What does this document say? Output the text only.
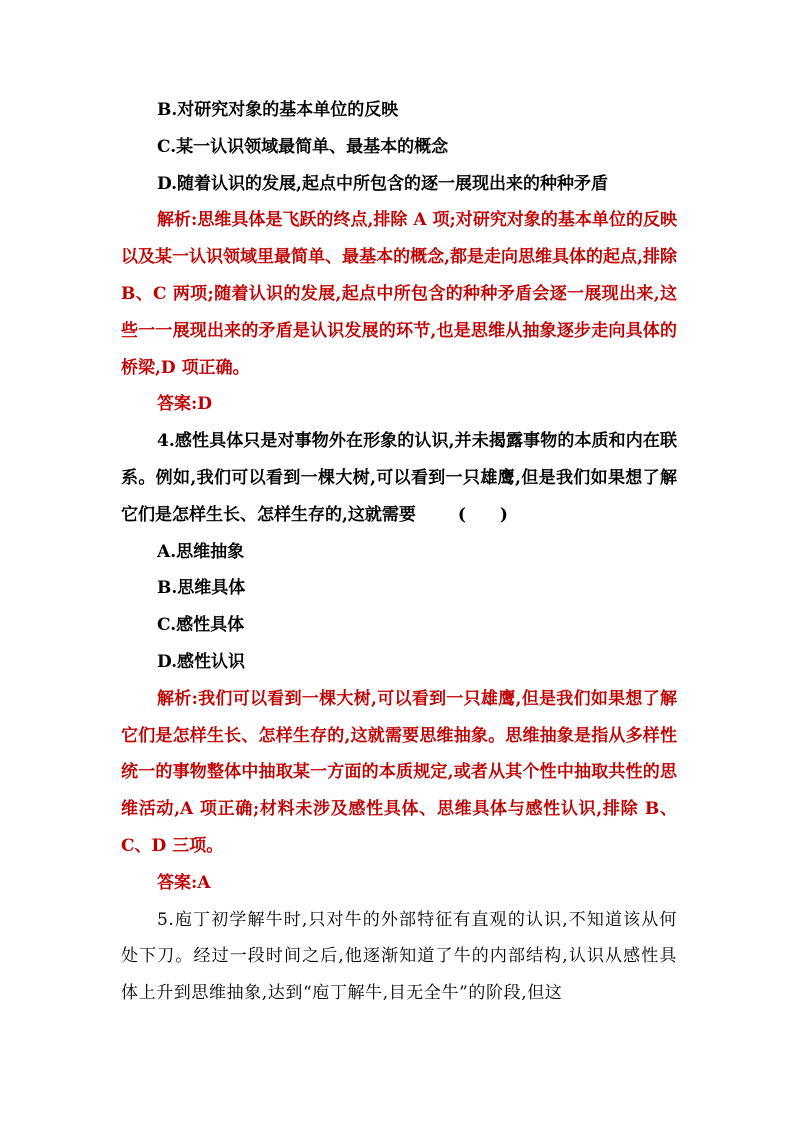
B.对研究对象的基本单位的反映

C.某一认识领域最简单、最基本的概念

D.随着认识的发展,起点中所包含的逐一展现出来的种种矛盾

解析:思维具体是飞跃的终点,排除 A 项;对研究对象的基本单位的反映以及某一认识领域里最简单、最基本的概念,都是走向思维具体的起点,排除 B、C 两项;随着认识的发展,起点中所包含的种种矛盾会逐一展现出来,这些一一展现出来的矛盾是认识发展的环节,也是思维从抽象逐步走向具体的桥梁,D 项正确。

答案:D

4.感性具体只是对事物外在形象的认识,并未揭露事物的本质和内在联系。例如,我们可以看到一棵大树,可以看到一只雄鹰,但是我们如果想了解它们是怎样生长、怎样生存的,这就需要 (　　)

A.思维抽象

B.思维具体

C.感性具体

D.感性认识

解析:我们可以看到一棵大树,可以看到一只雄鹰,但是我们如果想了解它们是怎样生长、怎样生存的,这就需要思维抽象。思维抽象是指从多样性统一的事物整体中抽取某一方面的本质规定,或者从其个性中抽取共性的思维活动,A 项正确;材料未涉及感性具体、思维具体与感性认识,排除 B、C、D 三项。

答案:A

5.庖丁初学解牛时,只对牛的外部特征有直观的认识,不知道该从何处下刀。经过一段时间之后,他逐渐知道了牛的内部结构,认识从感性具体上升到思维抽象,达到“庖丁解牛,目无全牛”的阶段,但这
